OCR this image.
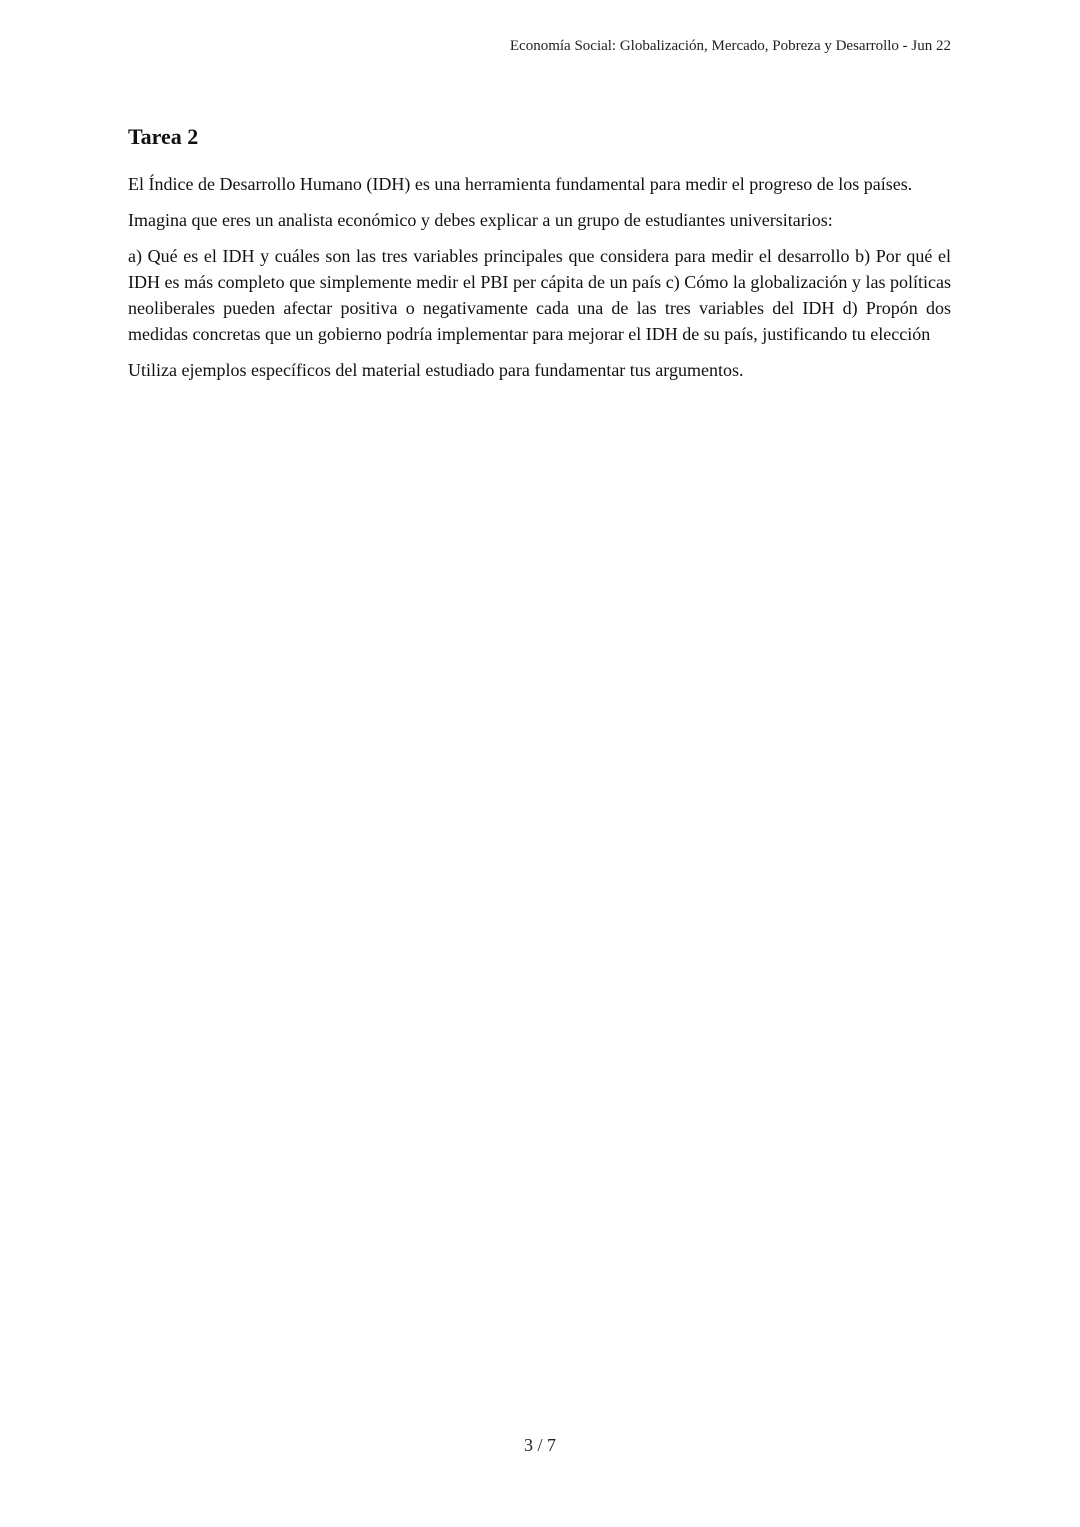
Economía Social: Globalización, Mercado, Pobreza y Desarrollo - Jun 22
Tarea 2

El Índice de Desarrollo Humano (IDH) es una herramienta fundamental para medir el progreso de los países.

Imagina que eres un analista económico y debes explicar a un grupo de estudiantes universitarios:

a) Qué es el IDH y cuáles son las tres variables principales que considera para medir el desarrollo b) Por qué el IDH es más completo que simplemente medir el PBI per cápita de un país c) Cómo la globalización y las políticas neoliberales pueden afectar positiva o negativamente cada una de las tres variables del IDH d) Propón dos medidas concretas que un gobierno podría implementar para mejorar el IDH de su país, justificando tu elección

Utiliza ejemplos específicos del material estudiado para fundamentar tus argumentos.

3 / 7
